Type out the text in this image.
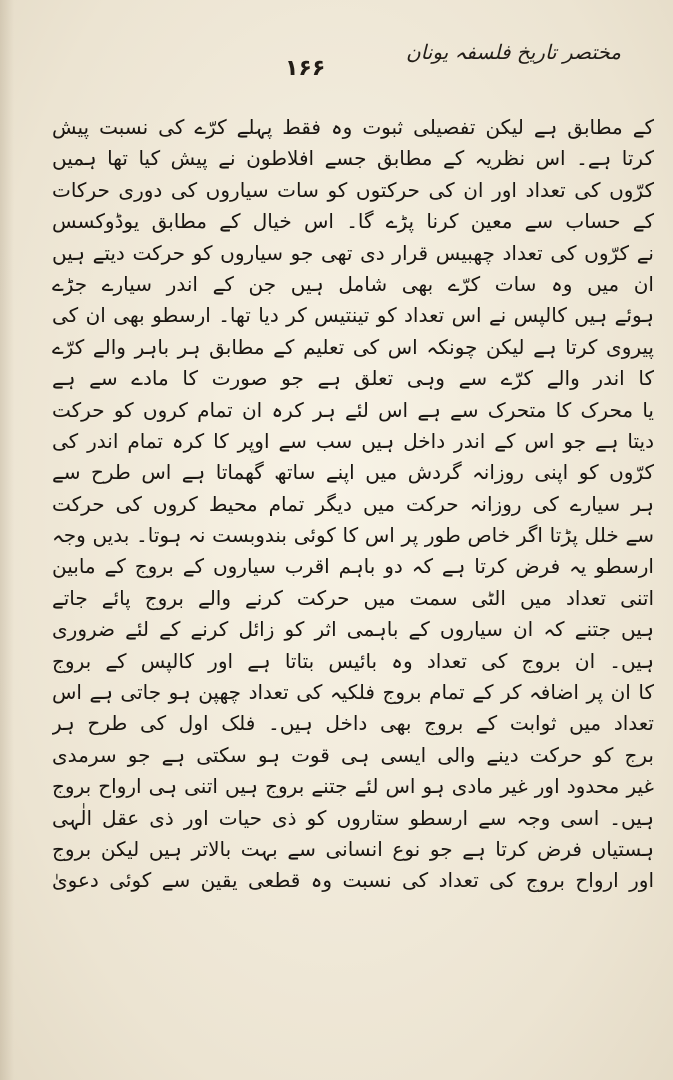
مختصر تاریخ فلسفہ یونان
۱۶۶
کے مطابق ہے لیکن تفصیلی ثبوت وہ فقط پہلے کرّے کی نسبت پیش
کرتا ہے۔ اس نظریہ کے مطابق جسے افلاطون نے پیش کیا تھا ہمیں
کرّوں کی تعداد اور ان کی حرکتوں کو سات سیاروں کی دوری حرکات
کے حساب سے معین کرنا پڑے گا۔ اس خیال کے مطابق یوڈوکسس
نے کرّوں کی تعداد چھبیس قرار دی تھی جو سیاروں کو حرکت دیتے ہیں
ان میں وہ سات کرّے بھی شامل ہیں جن کے اندر سیارے جڑے
ہوئے ہیں کالپس نے اس تعداد کو تینتیس کر دیا تھا۔ ارسطو بھی ان کی
پیروی کرتا ہے لیکن چونکہ اس کی تعلیم کے مطابق ہر باہر والے کرّے
کا اندر والے کرّے سے وہی تعلق ہے جو صورت کا مادے سے ہے
یا محرک کا متحرک سے ہے اس لئے ہر کرہ ان تمام کروں کو حرکت
دیتا ہے جو اس کے اندر داخل ہیں سب سے اوپر کا کرہ تمام اندر کی
کرّوں کو اپنی روزانہ گردش میں اپنے ساتھ گھماتا ہے اس طرح سے
ہر سیارے کی روزانہ حرکت میں دیگر تمام محیط کروں کی حرکت
سے خلل پڑتا اگر خاص طور پر اس کا کوئی بندوبست نہ ہوتا۔ بدیں وجہ
ارسطو یہ فرض کرتا ہے کہ دو باہم اقرب سیاروں کے بروج کے مابین
اتنی تعداد میں الٹی سمت میں حرکت کرنے والے بروج پائے جاتے
ہیں جتنے کہ ان سیاروں کے باہمی اثر کو زائل کرنے کے لئے ضروری
ہیں۔ ان بروج کی تعداد وہ بائیس بتاتا ہے اور کالپس کے بروج
کا ان پر اضافہ کر کے تمام بروج فلکیہ کی تعداد چھپن ہو جاتی ہے اس
تعداد میں ثوابت کے بروج بھی داخل ہیں۔ فلک اول کی طرح ہر
برج کو حرکت دینے والی ایسی ہی قوت ہو سکتی ہے جو سرمدی
غیر محدود اور غیر مادی ہو اس لئے جتنے بروج ہیں اتنی ہی ارواح بروج
ہیں۔ اسی وجہ سے ارسطو ستاروں کو ذی حیات اور ذی عقل الٰہی
ہستیاں فرض کرتا ہے جو نوع انسانی سے بہت بالاتر ہیں لیکن بروج
اور ارواح بروج کی تعداد کی نسبت وہ قطعی یقین سے کوئی دعویٰ
